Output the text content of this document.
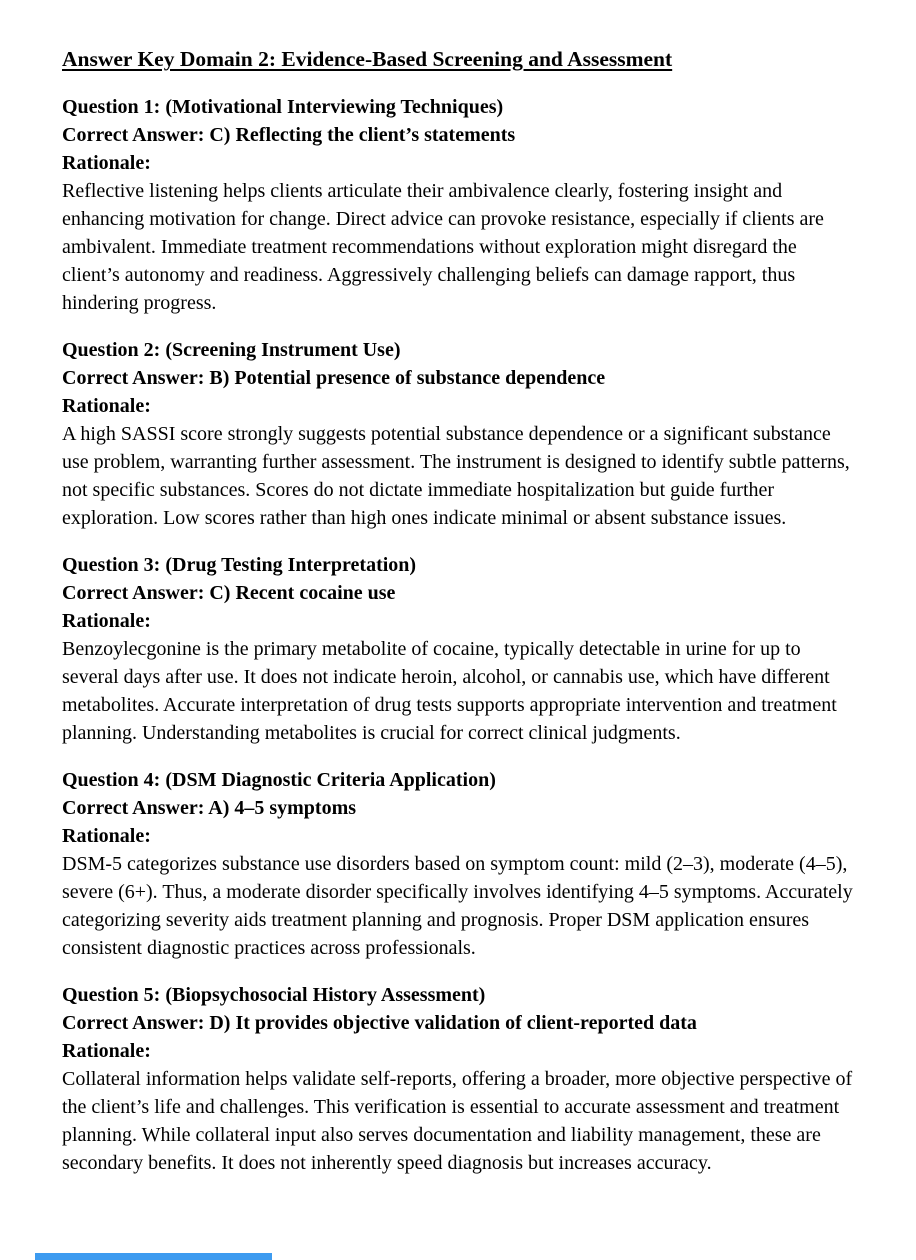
Answer Key Domain 2: Evidence-Based Screening and Assessment

Question 1: (Motivational Interviewing Techniques)

Correct Answer: C) Reflecting the client’s statements

Rationale:

Reflective listening helps clients articulate their ambivalence clearly, fostering insight and enhancing motivation for change. Direct advice can provoke resistance, especially if clients are ambivalent. Immediate treatment recommendations without exploration might disregard the client’s autonomy and readiness. Aggressively challenging beliefs can damage rapport, thus hindering progress.

Question 2: (Screening Instrument Use)

Correct Answer: B) Potential presence of substance dependence

Rationale:

A high SASSI score strongly suggests potential substance dependence or a significant substance use problem, warranting further assessment. The instrument is designed to identify subtle patterns, not specific substances. Scores do not dictate immediate hospitalization but guide further exploration. Low scores rather than high ones indicate minimal or absent substance issues.

Question 3: (Drug Testing Interpretation)

Correct Answer: C) Recent cocaine use

Rationale:

Benzoylecgonine is the primary metabolite of cocaine, typically detectable in urine for up to several days after use. It does not indicate heroin, alcohol, or cannabis use, which have different metabolites. Accurate interpretation of drug tests supports appropriate intervention and treatment planning. Understanding metabolites is crucial for correct clinical judgments.

Question 4: (DSM Diagnostic Criteria Application)

Correct Answer: A) 4–5 symptoms

Rationale:

DSM-5 categorizes substance use disorders based on symptom count: mild (2–3), moderate (4–5), severe (6+). Thus, a moderate disorder specifically involves identifying 4–5 symptoms. Accurately categorizing severity aids treatment planning and prognosis. Proper DSM application ensures consistent diagnostic practices across professionals.

Question 5: (Biopsychosocial History Assessment)

Correct Answer: D) It provides objective validation of client-reported data

Rationale:

Collateral information helps validate self-reports, offering a broader, more objective perspective of the client’s life and challenges. This verification is essential to accurate assessment and treatment planning. While collateral input also serves documentation and liability management, these are secondary benefits. It does not inherently speed diagnosis but increases accuracy.
